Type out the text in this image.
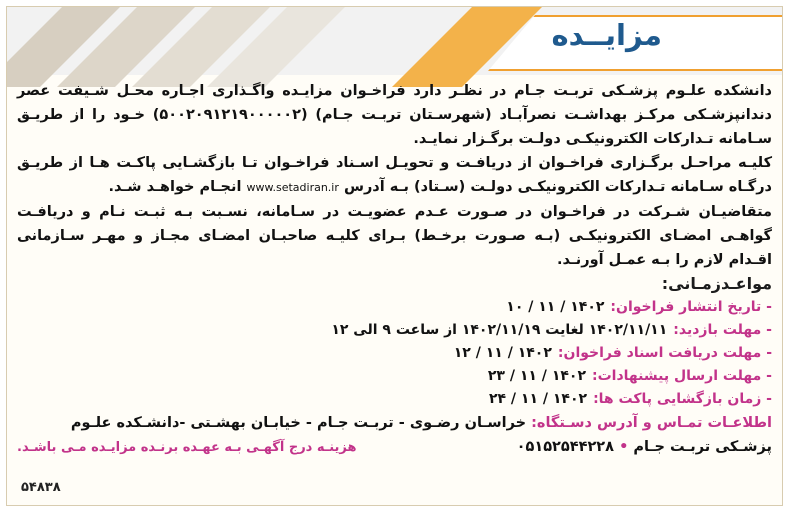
مزایــده

دانشکده علـوم پزشـکی تربـت جـام در نظـر دارد فراخـوان مزایـده واگـذاری اجـاره محـل شـیفت عصر دندانپزشـکی مرکـز بهداشـت نصرآبـاد (شهرسـتان تربـت جـام) (۵۰۰۲۰۹۱۲۱۹۰۰۰۰۰۲) خـود را از طریـق سـامانه تـدارکات الکترونیکـی دولـت برگـزار نمایـد.

کلیـه مراحـل برگـزاری فراخـوان از دریافـت و تحویـل اسـناد فراخـوان تـا بازگشـایی پاکـت هـا از طریـق درگـاه سـامانه تـدارکات الکترونیکـی دولـت (سـتاد) بـه آدرس www.setadiran.ir انجـام خواهـد شـد.

متقاضیـان شـرکت در فراخـوان در صـورت عـدم عضویـت در سـامانه، نسـبت بـه ثبـت نـام و دریافـت گواهـی امضـای الکترونیکـی (بـه صـورت برخـط) بـرای کلیـه صاحبـان امضـای مجـاز و مهـر سـازمانی اقـدام لازم را بـه عمـل آورنـد.

مواعـدزمـانی:

- تاریخ انتشار فراخوان:۱۴۰۲ / ۱۱ / ۱۰

- مهلت بازدید:۱۴۰۲/۱۱/۱۱ لغایت ۱۴۰۲/۱۱/۱۹ از ساعت ۹ الی ۱۲

- مهلت دریافت اسناد فراخوان:۱۴۰۲ / ۱۱ / ۱۲

- مهلت ارسال پیشنهادات:۱۴۰۲ / ۱۱ / ۲۳

- زمان بازگشایی پاکت ها:۱۴۰۲ / ۱۱ / ۲۴

اطلاعـات تمـاس و آدرس دسـتگاه: خراسـان رضـوی - تربـت جـام - خیابـان بهشـتی -دانشـکده علـوم

پزشـکی تربـت جـام • ۰۵۱۵۲۵۴۴۲۲۸
هزینـه درج آگهـی بـه عهـده برنـده مزایـده مـی باشـد.
۵۴۸۳۸
